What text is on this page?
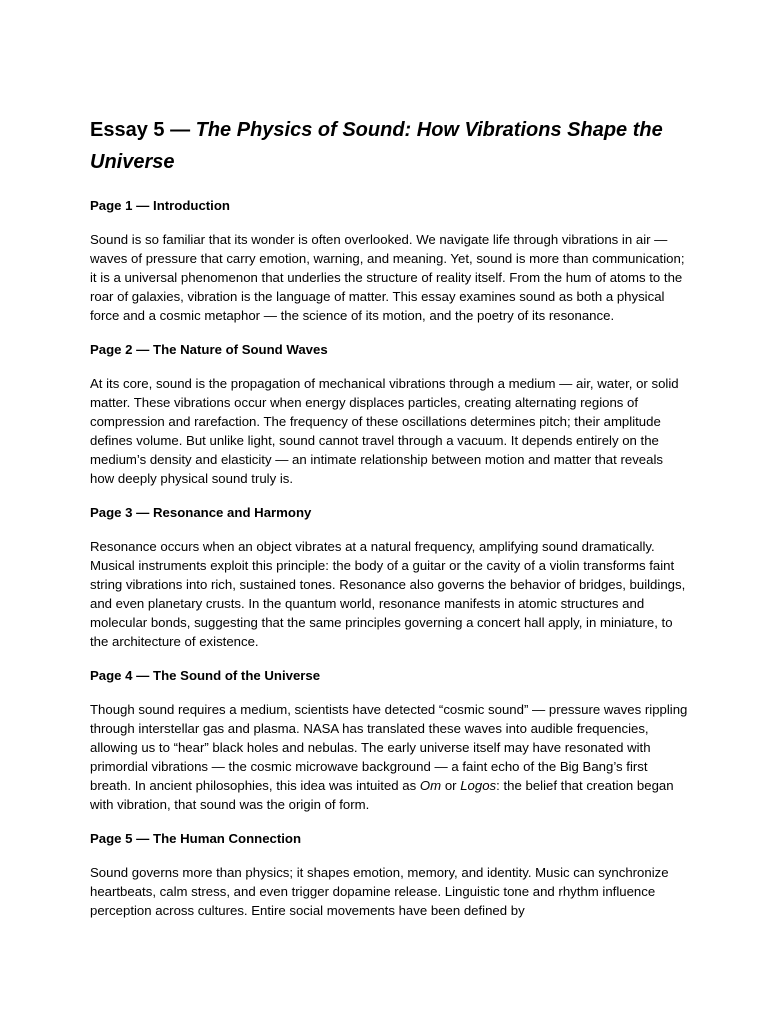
Essay 5 — The Physics of Sound: How Vibrations Shape the Universe
Page 1 — Introduction

Sound is so familiar that its wonder is often overlooked. We navigate life through vibrations in air — waves of pressure that carry emotion, warning, and meaning. Yet, sound is more than communication; it is a universal phenomenon that underlies the structure of reality itself. From the hum of atoms to the roar of galaxies, vibration is the language of matter. This essay examines sound as both a physical force and a cosmic metaphor — the science of its motion, and the poetry of its resonance.

Page 2 — The Nature of Sound Waves

At its core, sound is the propagation of mechanical vibrations through a medium — air, water, or solid matter. These vibrations occur when energy displaces particles, creating alternating regions of compression and rarefaction. The frequency of these oscillations determines pitch; their amplitude defines volume. But unlike light, sound cannot travel through a vacuum. It depends entirely on the medium’s density and elasticity — an intimate relationship between motion and matter that reveals how deeply physical sound truly is.

Page 3 — Resonance and Harmony

Resonance occurs when an object vibrates at a natural frequency, amplifying sound dramatically. Musical instruments exploit this principle: the body of a guitar or the cavity of a violin transforms faint string vibrations into rich, sustained tones. Resonance also governs the behavior of bridges, buildings, and even planetary crusts. In the quantum world, resonance manifests in atomic structures and molecular bonds, suggesting that the same principles governing a concert hall apply, in miniature, to the architecture of existence.

Page 4 — The Sound of the Universe

Though sound requires a medium, scientists have detected “cosmic sound” — pressure waves rippling through interstellar gas and plasma. NASA has translated these waves into audible frequencies, allowing us to “hear” black holes and nebulas. The early universe itself may have resonated with primordial vibrations — the cosmic microwave background — a faint echo of the Big Bang’s first breath. In ancient philosophies, this idea was intuited as Om or Logos: the belief that creation began with vibration, that sound was the origin of form.

Page 5 — The Human Connection

Sound governs more than physics; it shapes emotion, memory, and identity. Music can synchronize heartbeats, calm stress, and even trigger dopamine release. Linguistic tone and rhythm influence perception across cultures. Entire social movements have been defined by
